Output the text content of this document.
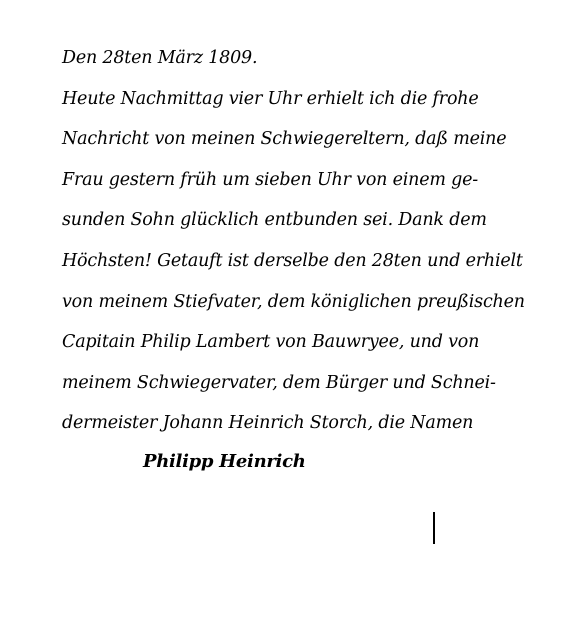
Den 28ten März 1809.
Heute Nachmittag vier Uhr erhielt ich die frohe
Nachricht von meinen Schwiegereltern, daß meine
Frau gestern früh um sieben Uhr von einem ge-
sunden Sohn glücklich entbunden sei. Dank dem
Höchsten! Getauft ist derselbe den 28ten und erhielt
von meinem Stiefvater, dem königlichen preußischen
Capitain Philip Lambert von Bauwryee, und von
meinem Schwiegervater, dem Bürger und Schnei-
dermeister Johann Heinrich Storch, die Namen
Philipp Heinrich
